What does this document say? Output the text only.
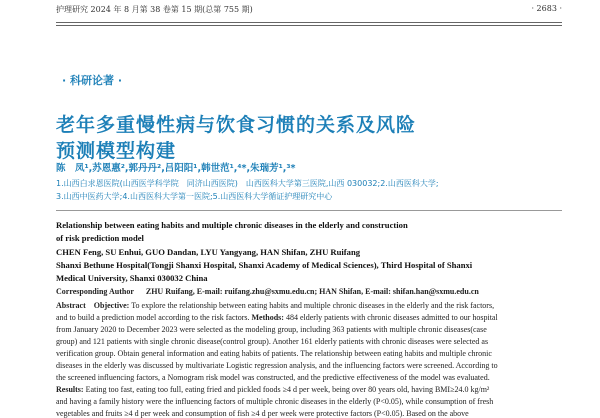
护理研究 2024 年 8 月第 38 卷第 15 期(总第 755 期)	· 2683 ·
· 科研论著 ·
老年多重慢性病与饮食习惯的关系及风险
预测模型构建
陈　凤¹,苏恩惠²,郭丹丹²,吕阳阳¹,韩世范¹,⁴*,朱瑞芳¹,³*
1.山西白求恩医院(山西医学科学院　同济山西医院)　山西医科大学第三医院,山西 030032;2.山西医科大学;
3.山西中医药大学;4.山西医科大学第一医院;5.山西医科大学循证护理研究中心
Relationship between eating habits and multiple chronic diseases in the elderly and construction
of risk prediction model
CHEN Feng, SU Enhui, GUO Dandan, LYU Yangyang, HAN Shifan, ZHU Ruifang
Shanxi Bethune Hospital(Tongji Shanxi Hospital, Shanxi Academy of Medical Sciences), Third Hospital of Shanxi
Medical University, Shanxi 030032 China
Corresponding Author ZHU Ruifang, E-mail: ruifang.zhu@sxmu.edu.cn; HAN Shifan, E-mail: shifan.han@sxmu.edu.cn
Abstract Objective: To explore the relationship between eating habits and multiple chronic diseases in the elderly and the risk factors,
and to build a prediction model according to the risk factors. Methods: 484 elderly patients with chronic diseases admitted to our hospital
from January 2020 to December 2023 were selected as the modeling group, including 363 patients with multiple chronic diseases(case
group) and 121 patients with single chronic disease(control group). Another 161 elderly patients with chronic diseases were selected as
verification group. Obtain general information and eating habits of patients. The relationship between eating habits and multiple chronic
diseases in the elderly was discussed by multivariate Logistic regression analysis, and the influencing factors were screened. According to
the screened influencing factors, a Nomogram risk model was constructed, and the predictive effectiveness of the model was evaluated.
Results: Eating too fast, eating too full, eating fried and pickled foods ≥4 d per week, being over 80 years old, having BMI≥24.0 kg/m²
and having a family history were the influencing factors of multiple chronic diseases in the elderly (P<0.05), while consumption of fresh
vegetables and fruits ≥4 d per week and consumption of fish ≥4 d per week were protective factors (P<0.05). Based on the above
